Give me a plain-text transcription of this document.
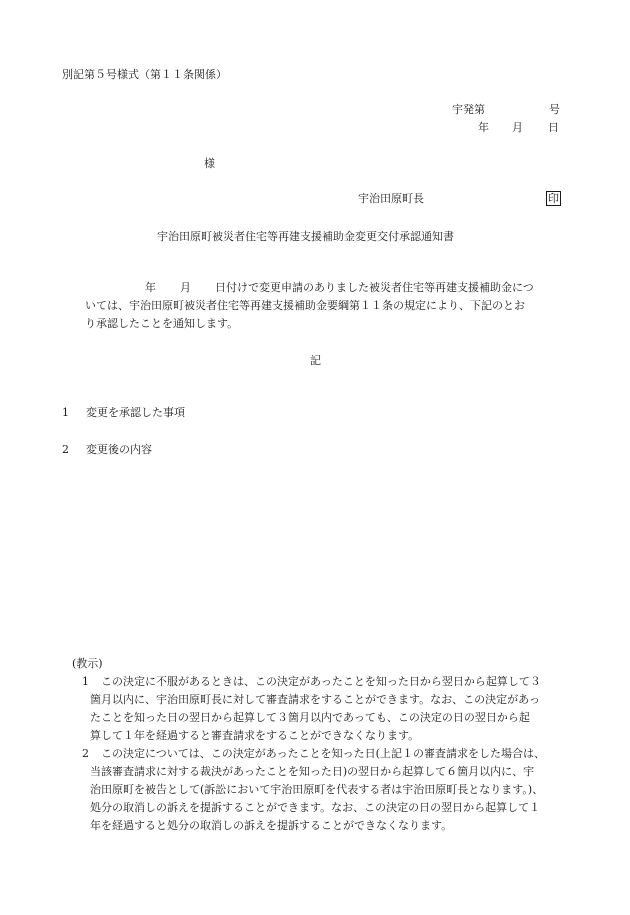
別記第５号様式（第１１条関係）
宇発第	号
年 月 日
様
宇治田原町長	印
宇治田原町被災者住宅等再建支援補助金変更交付承認通知書
年 月 日付けで変更申請のありました被災者住宅等再建支援補助金につ
いては、宇治田原町被災者住宅等再建支援補助金要綱第１１条の規定により、下記のとお
り承認したことを通知します。
記
1 変更を承認した事項
2 変更後の内容
(教示)
1 この決定に不服があるときは、この決定があったことを知った日から翌日から起算して３
箇月以内に、宇治田原町長に対して審査請求をすることができます。なお、この決定があっ
たことを知った日の翌日から起算して３箇月以内であっても、この決定の日の翌日から起
算して１年を経過すると審査請求をすることができなくなります。
2 この決定については、この決定があったことを知った日(上記１の審査請求をした場合は、
当該審査請求に対する裁決があったことを知った日)の翌日から起算して６箇月以内に、宇
治田原町を被告として(訴訟において宇治田原町を代表する者は宇治田原町長となります。)、
処分の取消しの訴えを提訴することができます。なお、この決定の日の翌日から起算して１
年を経過すると処分の取消しの訴えを提訴することができなくなります。
